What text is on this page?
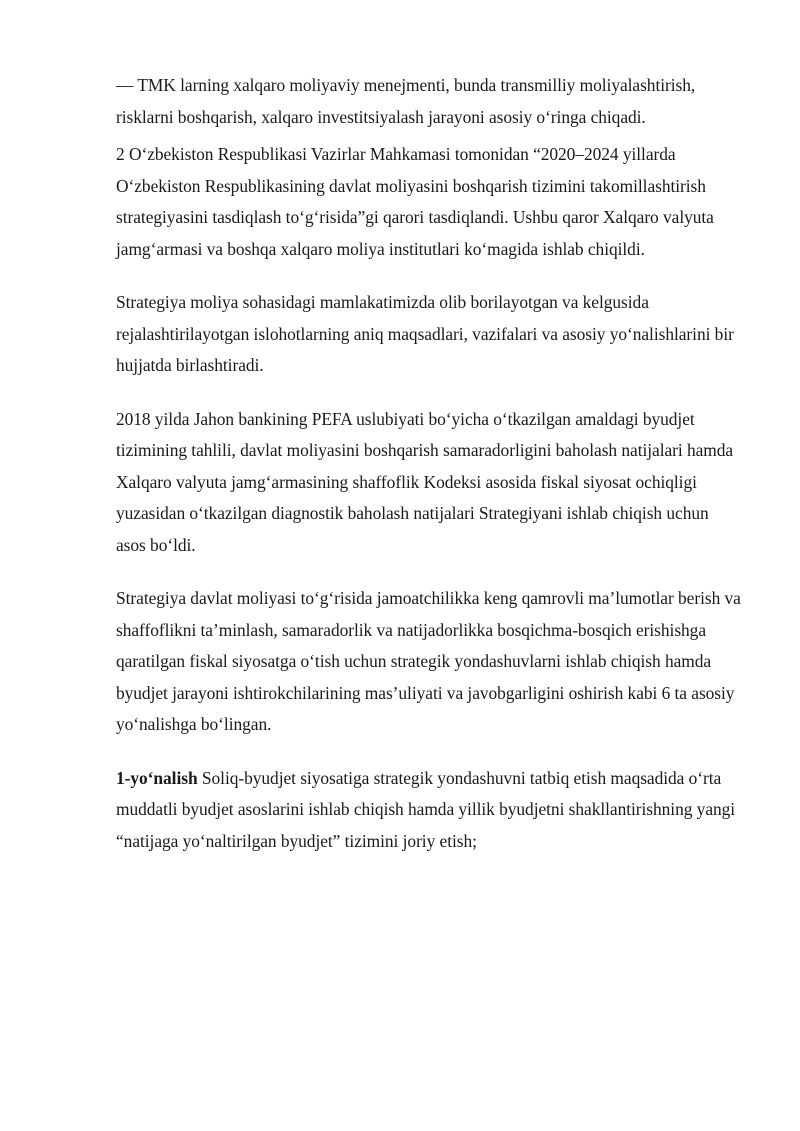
— TMK larning xalqaro moliyaviy menejmenti, bunda transmilliy moliyalashtirish, risklarni boshqarish, xalqaro investitsiyalash jarayoni asosiy o‘ringa chiqadi.

2 O‘zbekiston Respublikasi Vazirlar Mahkamasi tomonidan “2020–2024 yillarda O‘zbekiston Respublikasining davlat moliyasini boshqarish tizimini takomillashtirish strategiyasini tasdiqlash to‘g‘risida”gi qarori tasdiqlandi. Ushbu qaror Xalqaro valyuta jamg‘armasi va boshqa xalqaro moliya institutlari ko‘magida ishlab chiqildi.

Strategiya moliya sohasidagi mamlakatimizda olib borilayotgan va kelgusida rejalashtirilayotgan islohotlarning aniq maqsadlari, vazifalari va asosiy yo‘nalishlarini bir hujjatda birlashtiradi.

2018 yilda Jahon bankining PEFA uslubiyati bo‘yicha o‘tkazilgan amaldagi byudjet tizimining tahlili, davlat moliyasini boshqarish samaradorligini baholash natijalari hamda Xalqaro valyuta jamg‘armasining shaffoflik Kodeksi asosida fiskal siyosat ochiqligi yuzasidan o‘tkazilgan diagnostik baholash natijalari Strategiyani ishlab chiqish uchun asos bo‘ldi.

Strategiya davlat moliyasi to‘g‘risida jamoatchilikka keng qamrovli ma’lumotlar berish va shaffoflikni ta’minlash, samaradorlik va natijadorlikka bosqichma-bosqich erishishga qaratilgan fiskal siyosatga o‘tish uchun strategik yondashuvlarni ishlab chiqish hamda byudjet jarayoni ishtirokchilarining mas’uliyati va javobgarligini oshirish kabi 6 ta asosiy yo‘nalishga bo‘lingan.

1-yo‘nalish Soliq-byudjet siyosatiga strategik yondashuvni tatbiq etish maqsadida o‘rta muddatli byudjet asoslarini ishlab chiqish hamda yillik byudjetni shakllantirishning yangi “natijaga yo‘naltirilgan byudjet” tizimini joriy etish;
